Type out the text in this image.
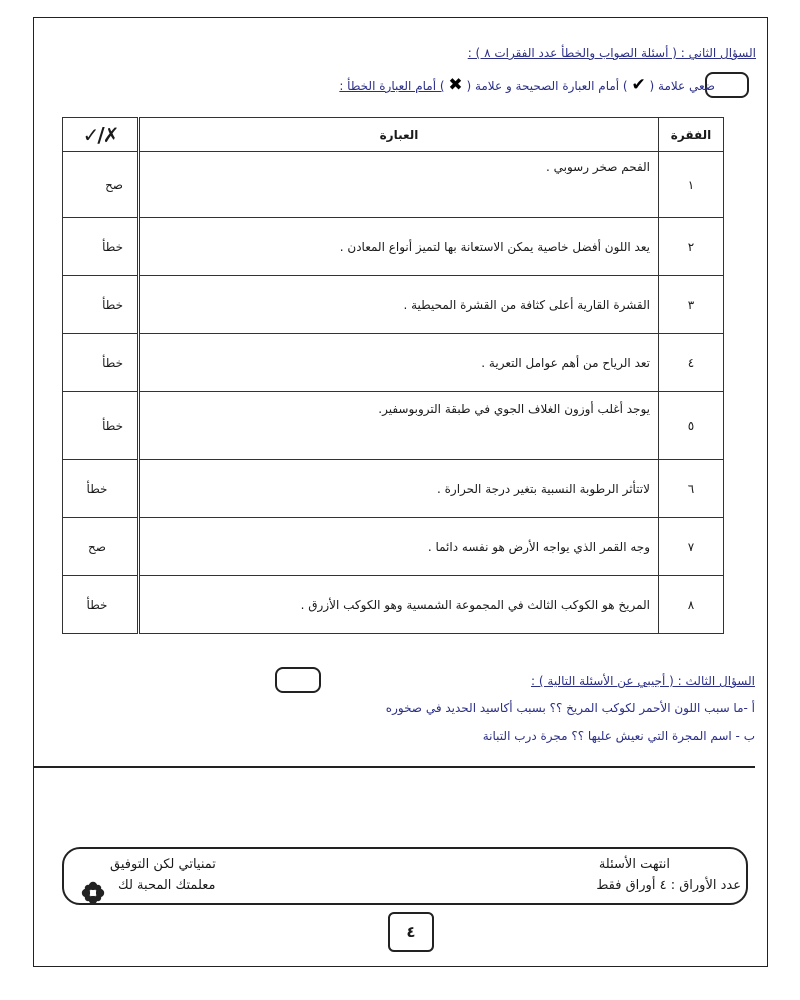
السؤال الثاني : ( أسئلة الصواب والخطأ عدد الفقرات ٨ ) :
ضعي علامة ( ✔ ) أمام العبارة الصحيحة و علامة ( ✖ ) أمام العبارة الخطأ :
الفقرة	العبارة	✗/✓
١	الفحم صخر رسوبي .	صح
٢	يعد اللون أفضل خاصية يمكن الاستعانة بها لتميز أنواع المعادن .	خطأ
٣	القشرة القارية أعلى كثافة من القشرة المحيطية .	خطأ
٤	تعد الرياح من أهم عوامل التعرية .	خطأ
٥	يوجد أغلب أوزون الغلاف الجوي في طبقة التروبوسفير.	خطأ
٦	لاتتأثر الرطوبة النسبية بتغير درجة الحرارة .	خطأ
٧	وجه القمر الذي يواجه الأرض هو نفسه دائما .	صح
٨	المريخ هو الكوكب الثالث في المجموعة الشمسية وهو الكوكب الأزرق .	خطأ
السؤال الثالث : ( أجيبي عن الأسئلة التالية ) :
أ -ما سبب اللون الأحمر لكوكب المريخ ؟؟ بسبب أكاسيد الحديد في صخوره
ب - اسم المجرة التي نعيش عليها ؟؟ مجرة درب التبانة
انتهت الأسئلة
عدد الأوراق : ٤ أوراق فقط
تمنياتي لكن التوفيق
معلمتك المحبة لك
٤
